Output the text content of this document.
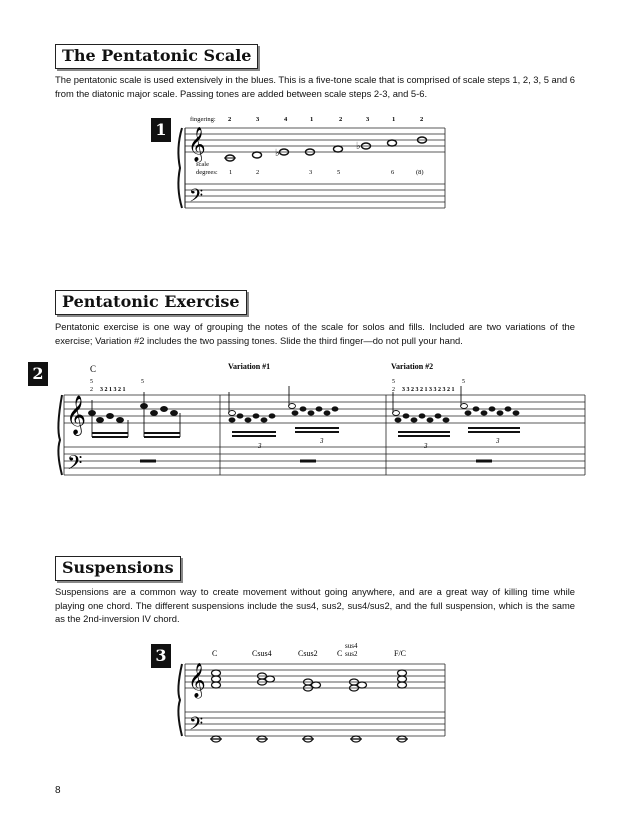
The Pentatonic Scale
The pentatonic scale is used extensively in the blues. This is a five-tone scale that is comprised of scale steps 1, 2, 3, 5 and 6 from the diatonic major scale. Passing tones are added between scale steps 2-3, and 5-6.
1
fingering: 2	3	4	1	2	3	1	2
𝄞
𝄢
♭
♭
scale
degrees: 1	2	3	5	6	(8)
Pentatonic Exercise
Pentatonic exercise is one way of grouping the notes of the scale for solos and fills. Included are two variations of the exercise; Variation #2 includes the two passing tones. Slide the third finger—do not pull your hand.
2	C	Variation #1	Variation #2
5
2 3 2 1 3 2 1
5	5
2 3 3 2 3 2 1 3 3 2 3 2 1
5
𝄞
𝄢
3
3
3
3
Suspensions
Suspensions are a common way to create movement without going anywhere, and are a great way of killing time while playing one chord. The different suspensions include the sus4, sus2, sus4/sus2, and the full suspension, which is the same as the 2nd-inversion IV chord.
3	C	Csus4	Csus2 C
sus4
sus2	F/C
𝄞
𝄢
8
